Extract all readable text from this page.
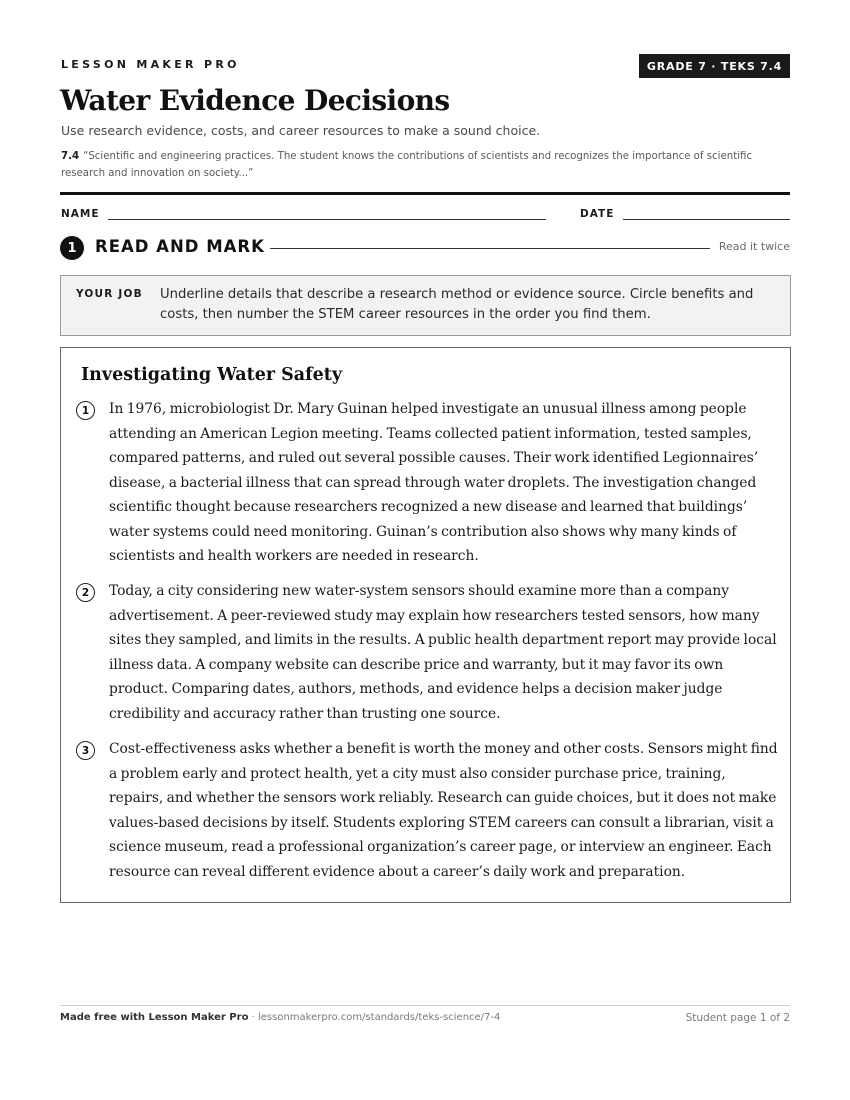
LESSON MAKER PRO	GRADE 7 · TEKS 7.4
Water Evidence Decisions
Use research evidence, costs, and career resources to make a sound choice.
7.4 “Scientific and engineering practices. The student knows the contributions of scientists and recognizes the importance of scientific research and innovation on society...”
NAME	DATE
1	READ AND MARK	Read it twice
YOUR JOB Underline details that describe a research method or evidence source. Circle benefits and costs, then number the STEM career resources in the order you find them.
Investigating Water Safety
1	In 1976, microbiologist Dr. Mary Guinan helped investigate an unusual illness among people attending an American Legion meeting. Teams collected patient information, tested samples, compared patterns, and ruled out several possible causes. Their work identified Legionnaires’ disease, a bacterial illness that can spread through water droplets. The investigation changed scientific thought because researchers recognized a new disease and learned that buildings’ water systems could need monitoring. Guinan’s contribution also shows why many kinds of scientists and health workers are needed in research.

2	Today, a city considering new water-system sensors should examine more than a company advertisement. A peer-reviewed study may explain how researchers tested sensors, how many sites they sampled, and limits in the results. A public health department report may provide local illness data. A company website can describe price and warranty, but it may favor its own product. Comparing dates, authors, methods, and evidence helps a decision maker judge credibility and accuracy rather than trusting one source.

3	Cost-effectiveness asks whether a benefit is worth the money and other costs. Sensors might find a problem early and protect health, yet a city must also consider purchase price, training, repairs, and whether the sensors work reliably. Research can guide choices, but it does not make values-based decisions by itself. Students exploring STEM careers can consult a librarian, visit a science museum, read a professional organization’s career page, or interview an engineer. Each resource can reveal different evidence about a career’s daily work and preparation.

Made free with Lesson Maker Pro · lessonmakerpro.com/standards/teks-science/7-4	Student page 1 of 2
